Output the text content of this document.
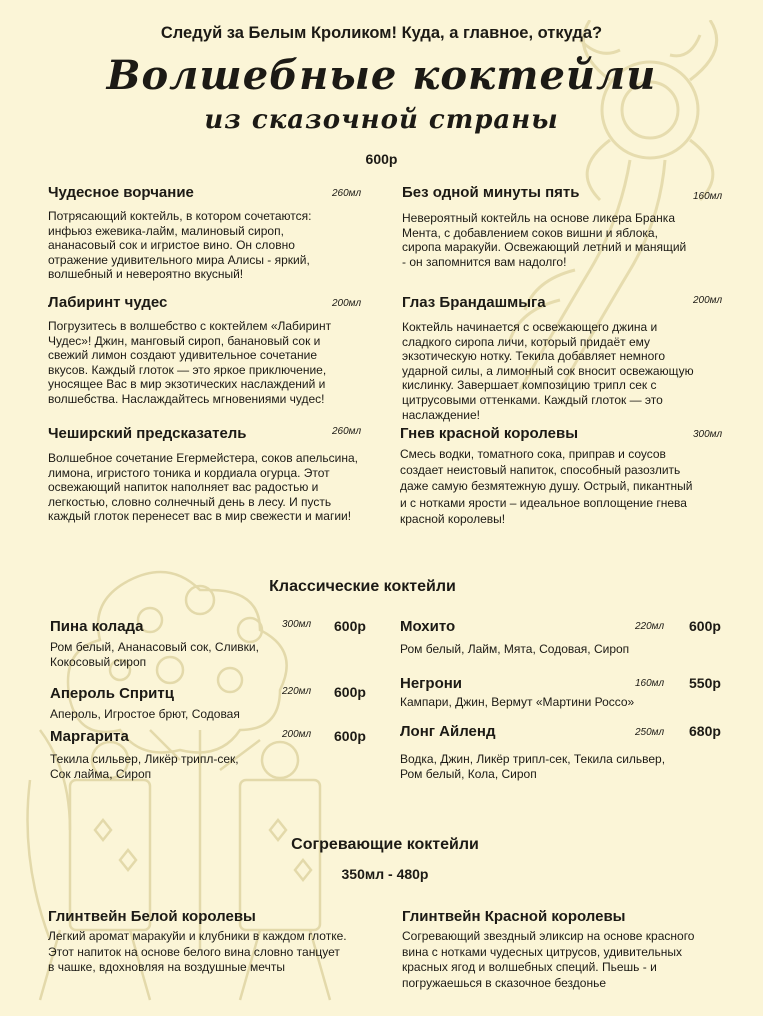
Следуй за Белым Кроликом! Куда, а главное, откуда?
Волшебные коктейли
из сказочной страны
600р
Чудесное ворчание	260мл
Потрясающий коктейль, в котором сочетаются: инфьюз ежевика-лайм, малиновый сироп, ананасовый сок и игристое вино. Он словно отражение удивительного мира Алисы - яркий, волшебный и невероятно вкусный!
Лабиринт чудес	200мл
Погрузитесь в волшебство с коктейлем «Лабиринт Чудес»! Джин, манговый сироп, банановый сок и свежий лимон создают удивительное сочетание вкусов. Каждый глоток — это яркое приключение, уносящее Вас в мир экзотических наслаждений и волшебства. Наслаждайтесь мгновениями чудес!
Чеширский предсказатель	260мл
Волшебное сочетание Егермейстера, соков апельсина, лимона, игристого тоника и кордиала огурца. Этот освежающий напиток наполняет вас радостью и легкостью, словно солнечный день в лесу. И пусть каждый глоток перенесет вас в мир свежести и магии!
Без одной минуты пять	160мл
Невероятный коктейль на основе ликера Бранка Мента, с добавлением соков вишни и яблока, сиропа маракуйи. Освежающий летний и манящий - он запомнится вам надолго!
Глаз Брандашмыга	200мл
Коктейль начинается с освежающего джина и сладкого сиропа личи, который придаёт ему экзотическую нотку. Текила добавляет немного ударной силы, а лимонный сок вносит освежающую кислинку. Завершает композицию трипл сек с цитрусовыми оттенками. Каждый глоток — это наслаждение!
Гнев красной королевы	300мл
Смесь водки, томатного сока, приправ и соусов создает неистовый напиток, способный разозлить даже самую безмятежную душу. Острый, пикантный и с нотками ярости – идеальное воплощение гнева красной королевы!
Классические коктейли
Пина колада	300мл 600р
Ром белый, Ананасовый сок, Сливки, Кокосовый сироп
Апероль Спритц	220мл 600р
Апероль, Игростое брют, Содовая
Маргарита	200мл 600р
Текила сильвер, Ликёр трипл-сек, Сок лайма, Сироп
Мохито	220мл 600р
Ром белый, Лайм, Мята, Содовая, Сироп
Негрони	160мл 550р
Кампари, Джин, Вермут «Мартини Россо»
Лонг Айленд	250мл 680р
Водка, Джин, Ликёр трипл-сек, Текила сильвер, Ром белый, Кола, Сироп
Согревающие коктейли
350мл - 480р
Глинтвейн Белой королевы
Легкий аромат маракуйи и клубники в каждом глотке. Этот напиток на основе белого вина словно танцует в чашке, вдохновляя на воздушные мечты
Глинтвейн Красной королевы
Согревающий звездный эликсир на основе красного вина с нотками чудесных цитрусов, удивительных красных ягод и волшебных специй. Пьешь - и погружаешься в сказочное бездонье
